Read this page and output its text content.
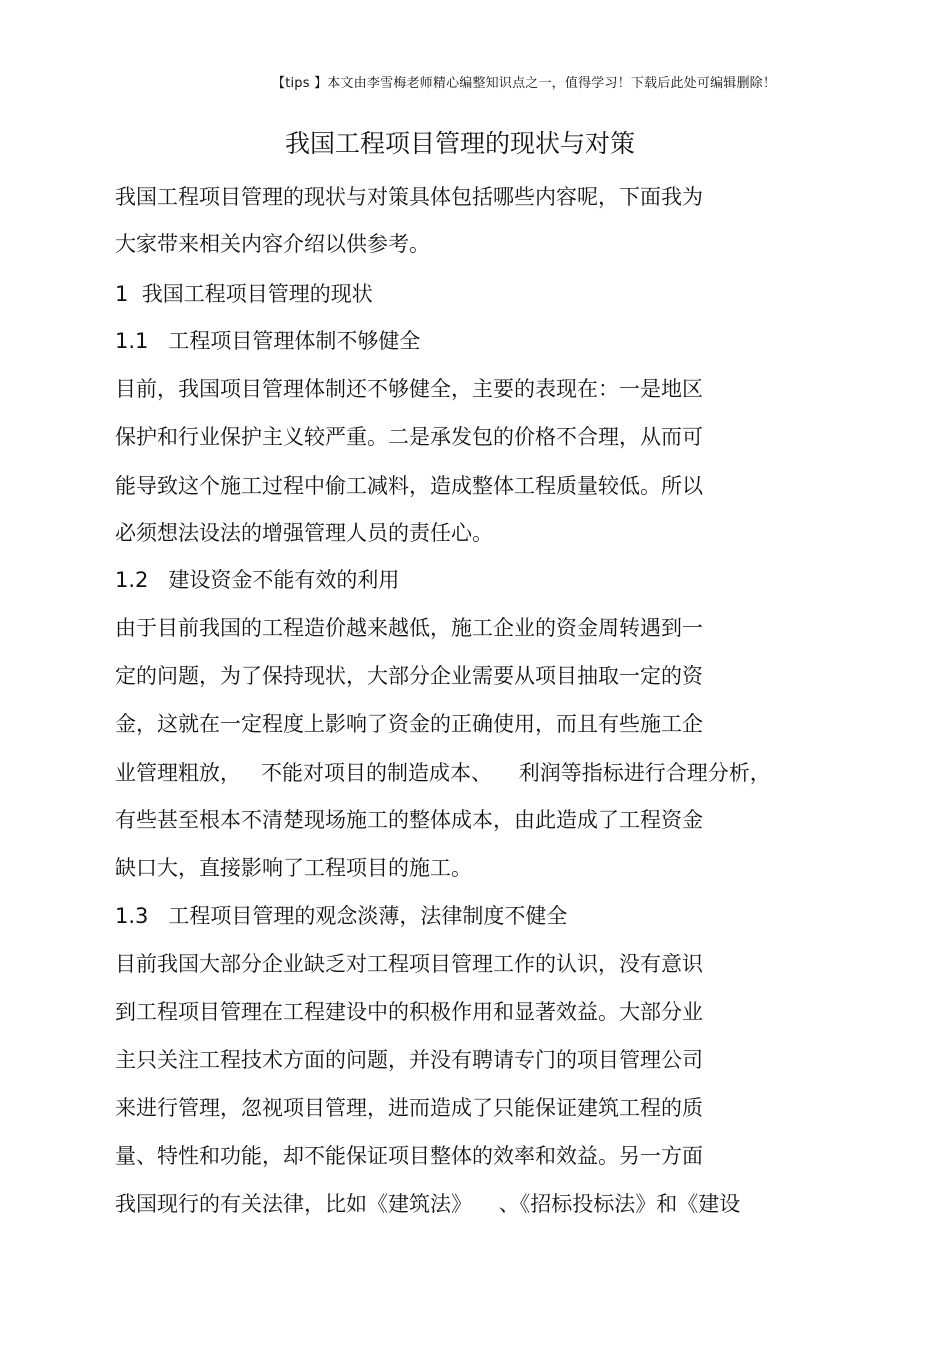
【tips 】本文由李雪梅老师精心编整知识点之一，值得学习！下载后此处可编辑删除！
我国工程项目管理的现状与对策
我国工程项目管理的现状与对策具体包括哪些内容呢，下面我为
大家带来相关内容介绍以供参考。
1  我国工程项目管理的现状
1.1   工程项目管理体制不够健全
目前，我国项目管理体制还不够健全，主要的表现在：一是地区
保护和行业保护主义较严重。二是承发包的价格不合理，从而可
能导致这个施工过程中偷工减料，造成整体工程质量较低。所以
必须想法设法的增强管理人员的责任心。
1.2   建设资金不能有效的利用
由于目前我国的工程造价越来越低，施工企业的资金周转遇到一
定的问题，为了保持现状，大部分企业需要从项目抽取一定的资
金，这就在一定程度上影响了资金的正确使用，而且有些施工企
业管理粗放，   不能对项目的制造成本、    利润等指标进行合理分析，
有些甚至根本不清楚现场施工的整体成本，由此造成了工程资金
缺口大，直接影响了工程项目的施工。
1.3   工程项目管理的观念淡薄，法律制度不健全
目前我国大部分企业缺乏对工程项目管理工作的认识，没有意识
到工程项目管理在工程建设中的积极作用和显著效益。大部分业
主只关注工程技术方面的问题，并没有聘请专门的项目管理公司
来进行管理，忽视项目管理，进而造成了只能保证建筑工程的质
量、特性和功能，却不能保证项目整体的效率和效益。另一方面
我国现行的有关法律，比如《建筑法》    、《招标投标法》和《建设
